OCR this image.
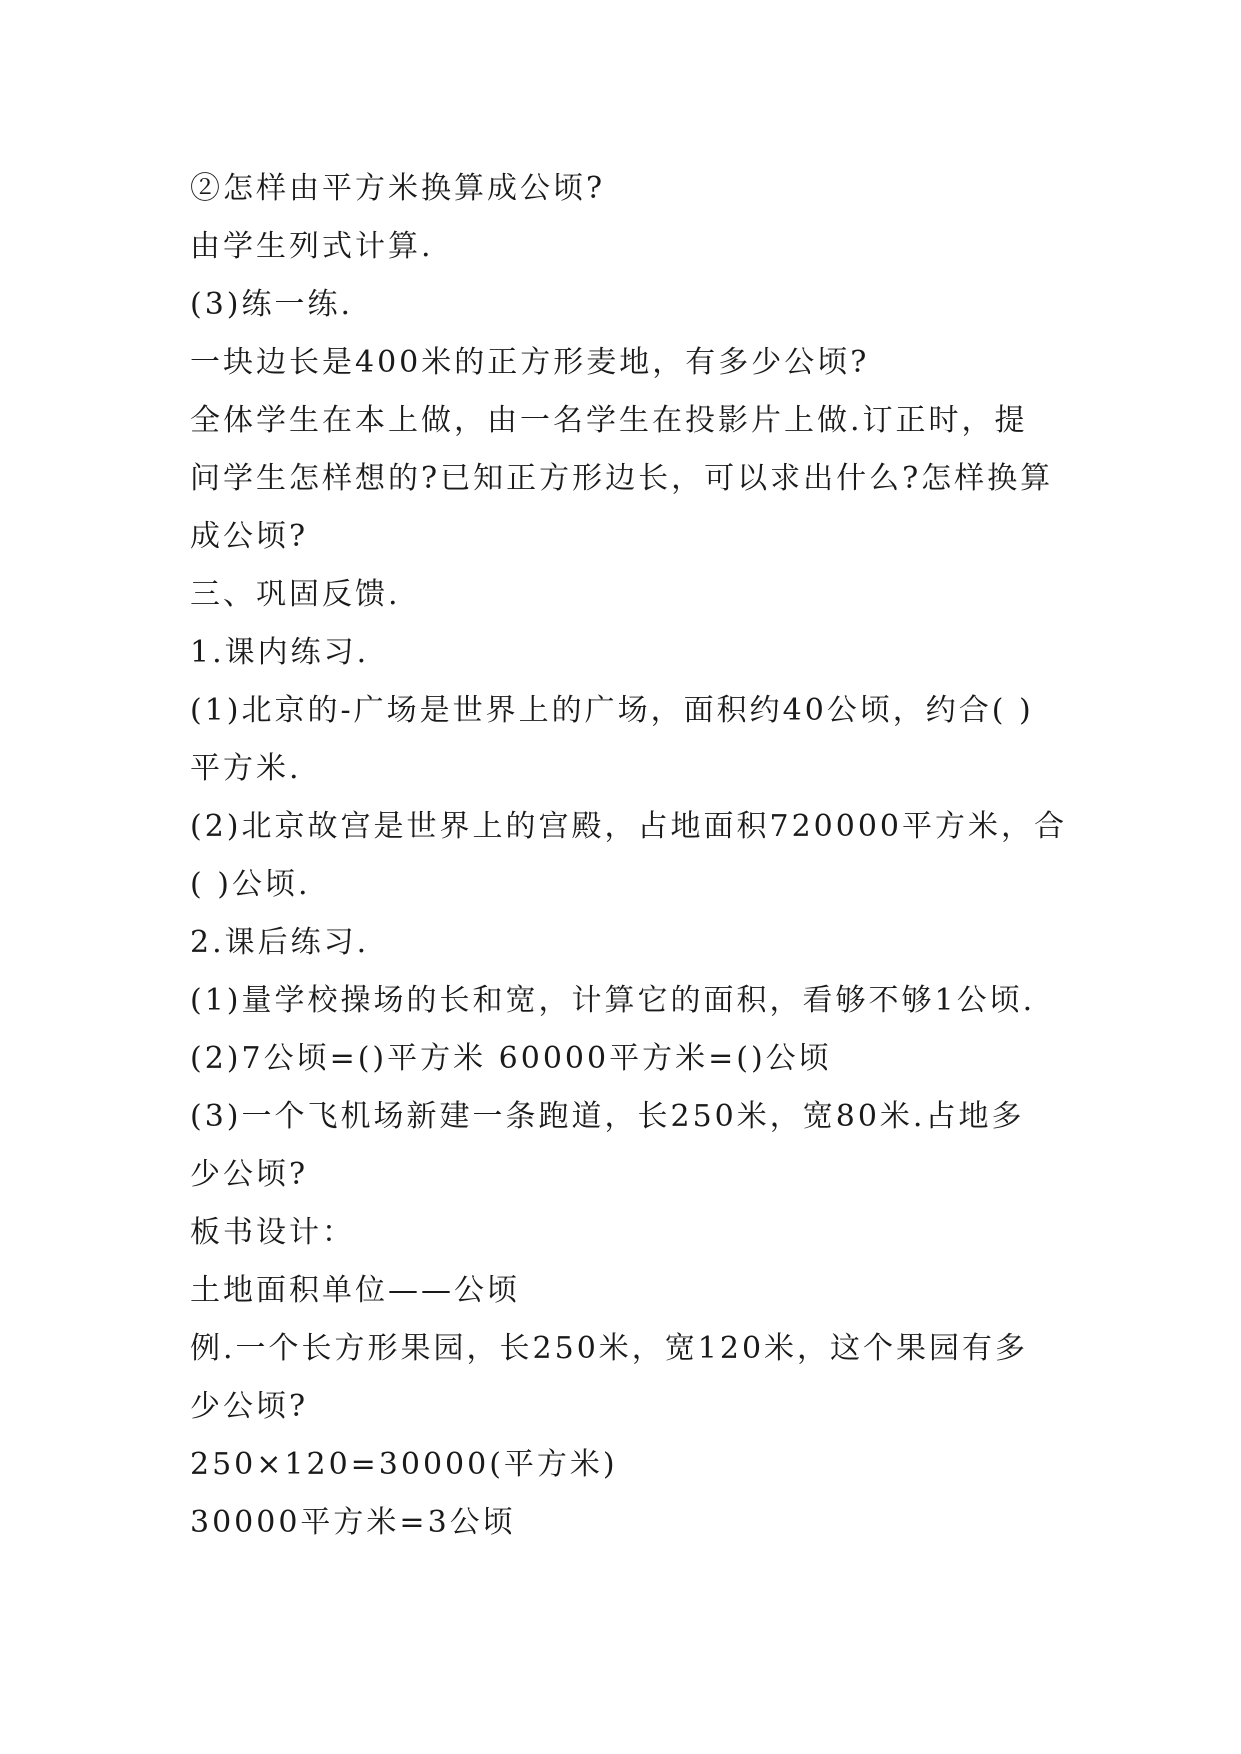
②怎样由平方米换算成公顷?
由学生列式计算.
(3)练一练.
一块边长是400米的正方形麦地，有多少公顷?
全体学生在本上做，由一名学生在投影片上做.订正时，提
问学生怎样想的?已知正方形边长，可以求出什么?怎样换算
成公顷?
三、巩固反馈.
1.课内练习.
(1)北京的-广场是世界上的广场，面积约40公顷，约合( )
平方米.
(2)北京故宫是世界上的宫殿，占地面积720000平方米，合
( )公顷.
2.课后练习.
(1)量学校操场的长和宽，计算它的面积，看够不够1公顷.
(2)7公顷=()平方米 60000平方米=()公顷
(3)一个飞机场新建一条跑道，长250米，宽80米.占地多
少公顷?
板书设计：
土地面积单位——公顷
例.一个长方形果园，长250米，宽120米，这个果园有多
少公顷?
250×120=30000(平方米)
30000平方米=3公顷
